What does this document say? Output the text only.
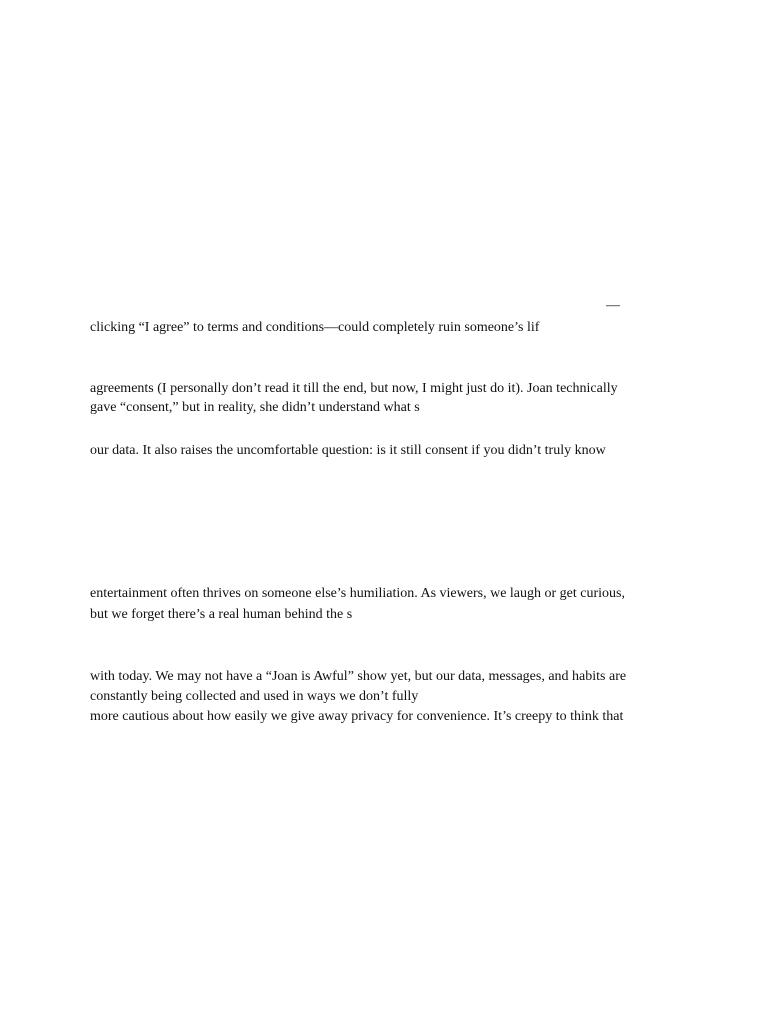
—
clicking “I agree” to terms and conditions—could completely ruin someone’s lif
agreements (I personally don’t read it till the end, but now, I might just do it). Joan technically
gave “consent,” but in reality, she didn’t understand what s
our data. It also raises the uncomfortable question: is it still consent if you didn’t truly know
entertainment often thrives on someone else’s humiliation. As viewers, we laugh or get curious,
but we forget there’s a real human behind the s
with today. We may not have a “Joan is Awful” show yet, but our data, messages, and habits are
constantly being collected and used in ways we don’t fully
more cautious about how easily we give away privacy for convenience. It’s creepy to think that
